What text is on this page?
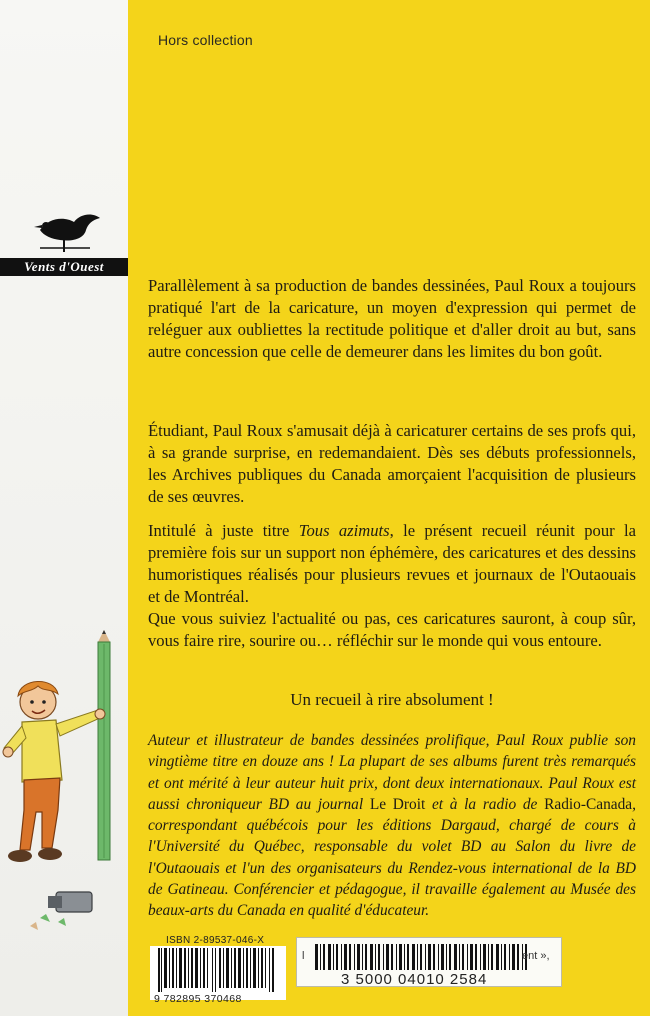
Vents d'Ouest
Hors collection
Parallèlement à sa production de bandes dessinées, Paul Roux a toujours pratiqué l'art de la caricature, un moyen d'expression qui permet de reléguer aux oubliettes la rectitude politique et d'aller droit au but, sans autre concession que celle de demeurer dans les limites du bon goût.
Étudiant, Paul Roux s'amusait déjà à caricaturer certains de ses profs qui, à sa grande surprise, en redemandaient. Dès ses débuts professionnels, les Archives publiques du Canada amorçaient l'acquisition de plusieurs de ses œuvres.
Intitulé à juste titre Tous azimuts, le présent recueil réunit pour la première fois sur un support non éphémère, des caricatures et des dessins humoristiques réalisés pour plusieurs revues et journaux de l'Outaouais et de Montréal.
Que vous suiviez l'actualité ou pas, ces caricatures sauront, à coup sûr, vous faire rire, sourire ou… réfléchir sur le monde qui vous entoure.
Un recueil à rire absolument !
Auteur et illustrateur de bandes dessinées prolifique, Paul Roux publie son vingtième titre en douze ans ! La plupart de ses albums furent très remarqués et ont mérité à leur auteur huit prix, dont deux internationaux. Paul Roux est aussi chroniqueur BD au journal Le Droit et à la radio de Radio-Canada, correspondant québécois pour les éditions Dargaud, chargé de cours à l'Université du Québec, responsable du volet BD au Salon du livre de l'Outaouais et l'un des organisateurs du Rendez-vous international de la BD de Gatineau. Conférencier et pédagogue, il travaille également au Musée des beaux-arts du Canada en qualité d'éducateur.
ISBN 2-89537-046-X
9 782895 370468
3 5000 04010 2584
l	ent »,
